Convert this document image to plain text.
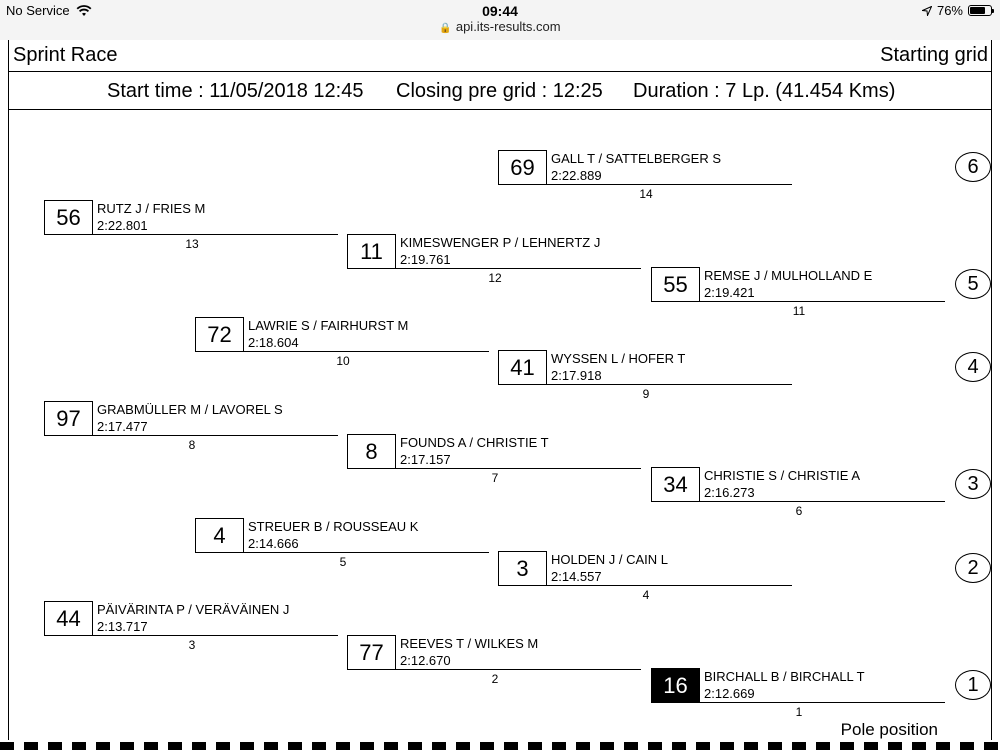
No Service	09:44
🔒 api.its-results.com
76%
Sprint Race	Starting grid
Start time : 11/05/2018 12:45 Closing pre grid : 12:25 Duration : 7 Lp. (41.454 Kms)
69	GALL T / SATTELBERGER S
2:22.889
14
56	RUTZ J / FRIES M
2:22.801
13	11	KIMESWENGER P / LEHNERTZ J
2:19.761
12	55	REMSE J / MULHOLLAND E
2:19.421
11
72	LAWRIE S / FAIRHURST M
2:18.604
10	41	WYSSEN L / HOFER T
2:17.918
9
97	GRABMÜLLER M / LAVOREL S
2:17.477
8	8	FOUNDS A / CHRISTIE T
2:17.157
7	34	CHRISTIE S / CHRISTIE A
2:16.273
6
4	STREUER B / ROUSSEAU K
2:14.666
5	3	HOLDEN J / CAIN L
2:14.557
4
44	PÄIVÄRINTA P / VERÄVÄINEN J
2:13.717
3	77	REEVES T / WILKES M
2:12.670
2	16	BIRCHALL B / BIRCHALL T
2:12.669
1
6
5
4
3
2
1
Pole position
